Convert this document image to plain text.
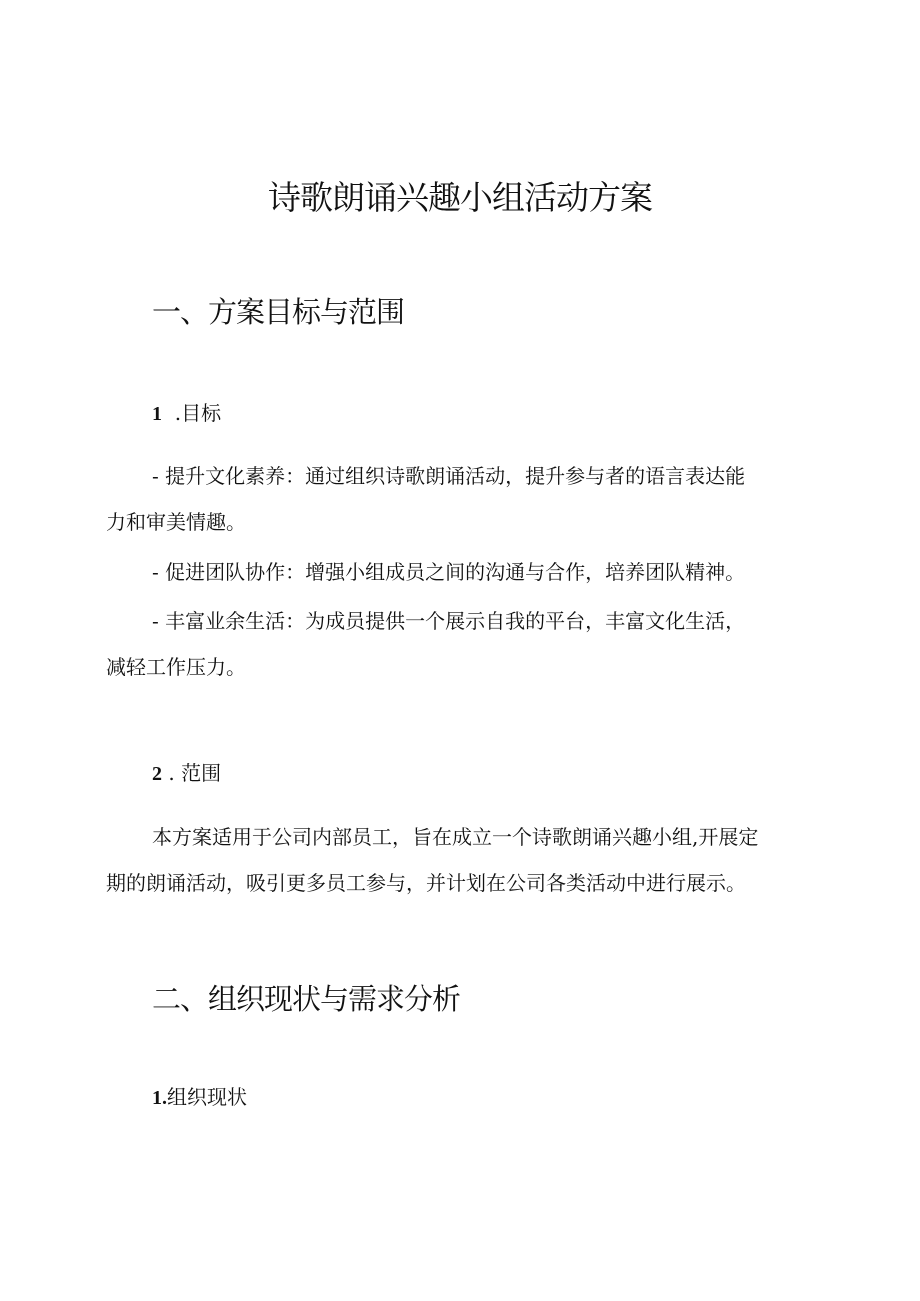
诗歌朗诵兴趣小组活动方案
一、方案目标与范围
1 .目标
- 提升文化素养：通过组织诗歌朗诵活动，提升参与者的语言表达能
力和审美情趣。
- 促进团队协作：增强小组成员之间的沟通与合作，培养团队精神。
- 丰富业余生活：为成员提供一个展示自我的平台，丰富文化生活，
减轻工作压力。
2 . 范围
本方案适用于公司内部员工，旨在成立一个诗歌朗诵兴趣小组,开展定
期的朗诵活动，吸引更多员工参与，并计划在公司各类活动中进行展示。
二、组织现状与需求分析
1.组织现状
